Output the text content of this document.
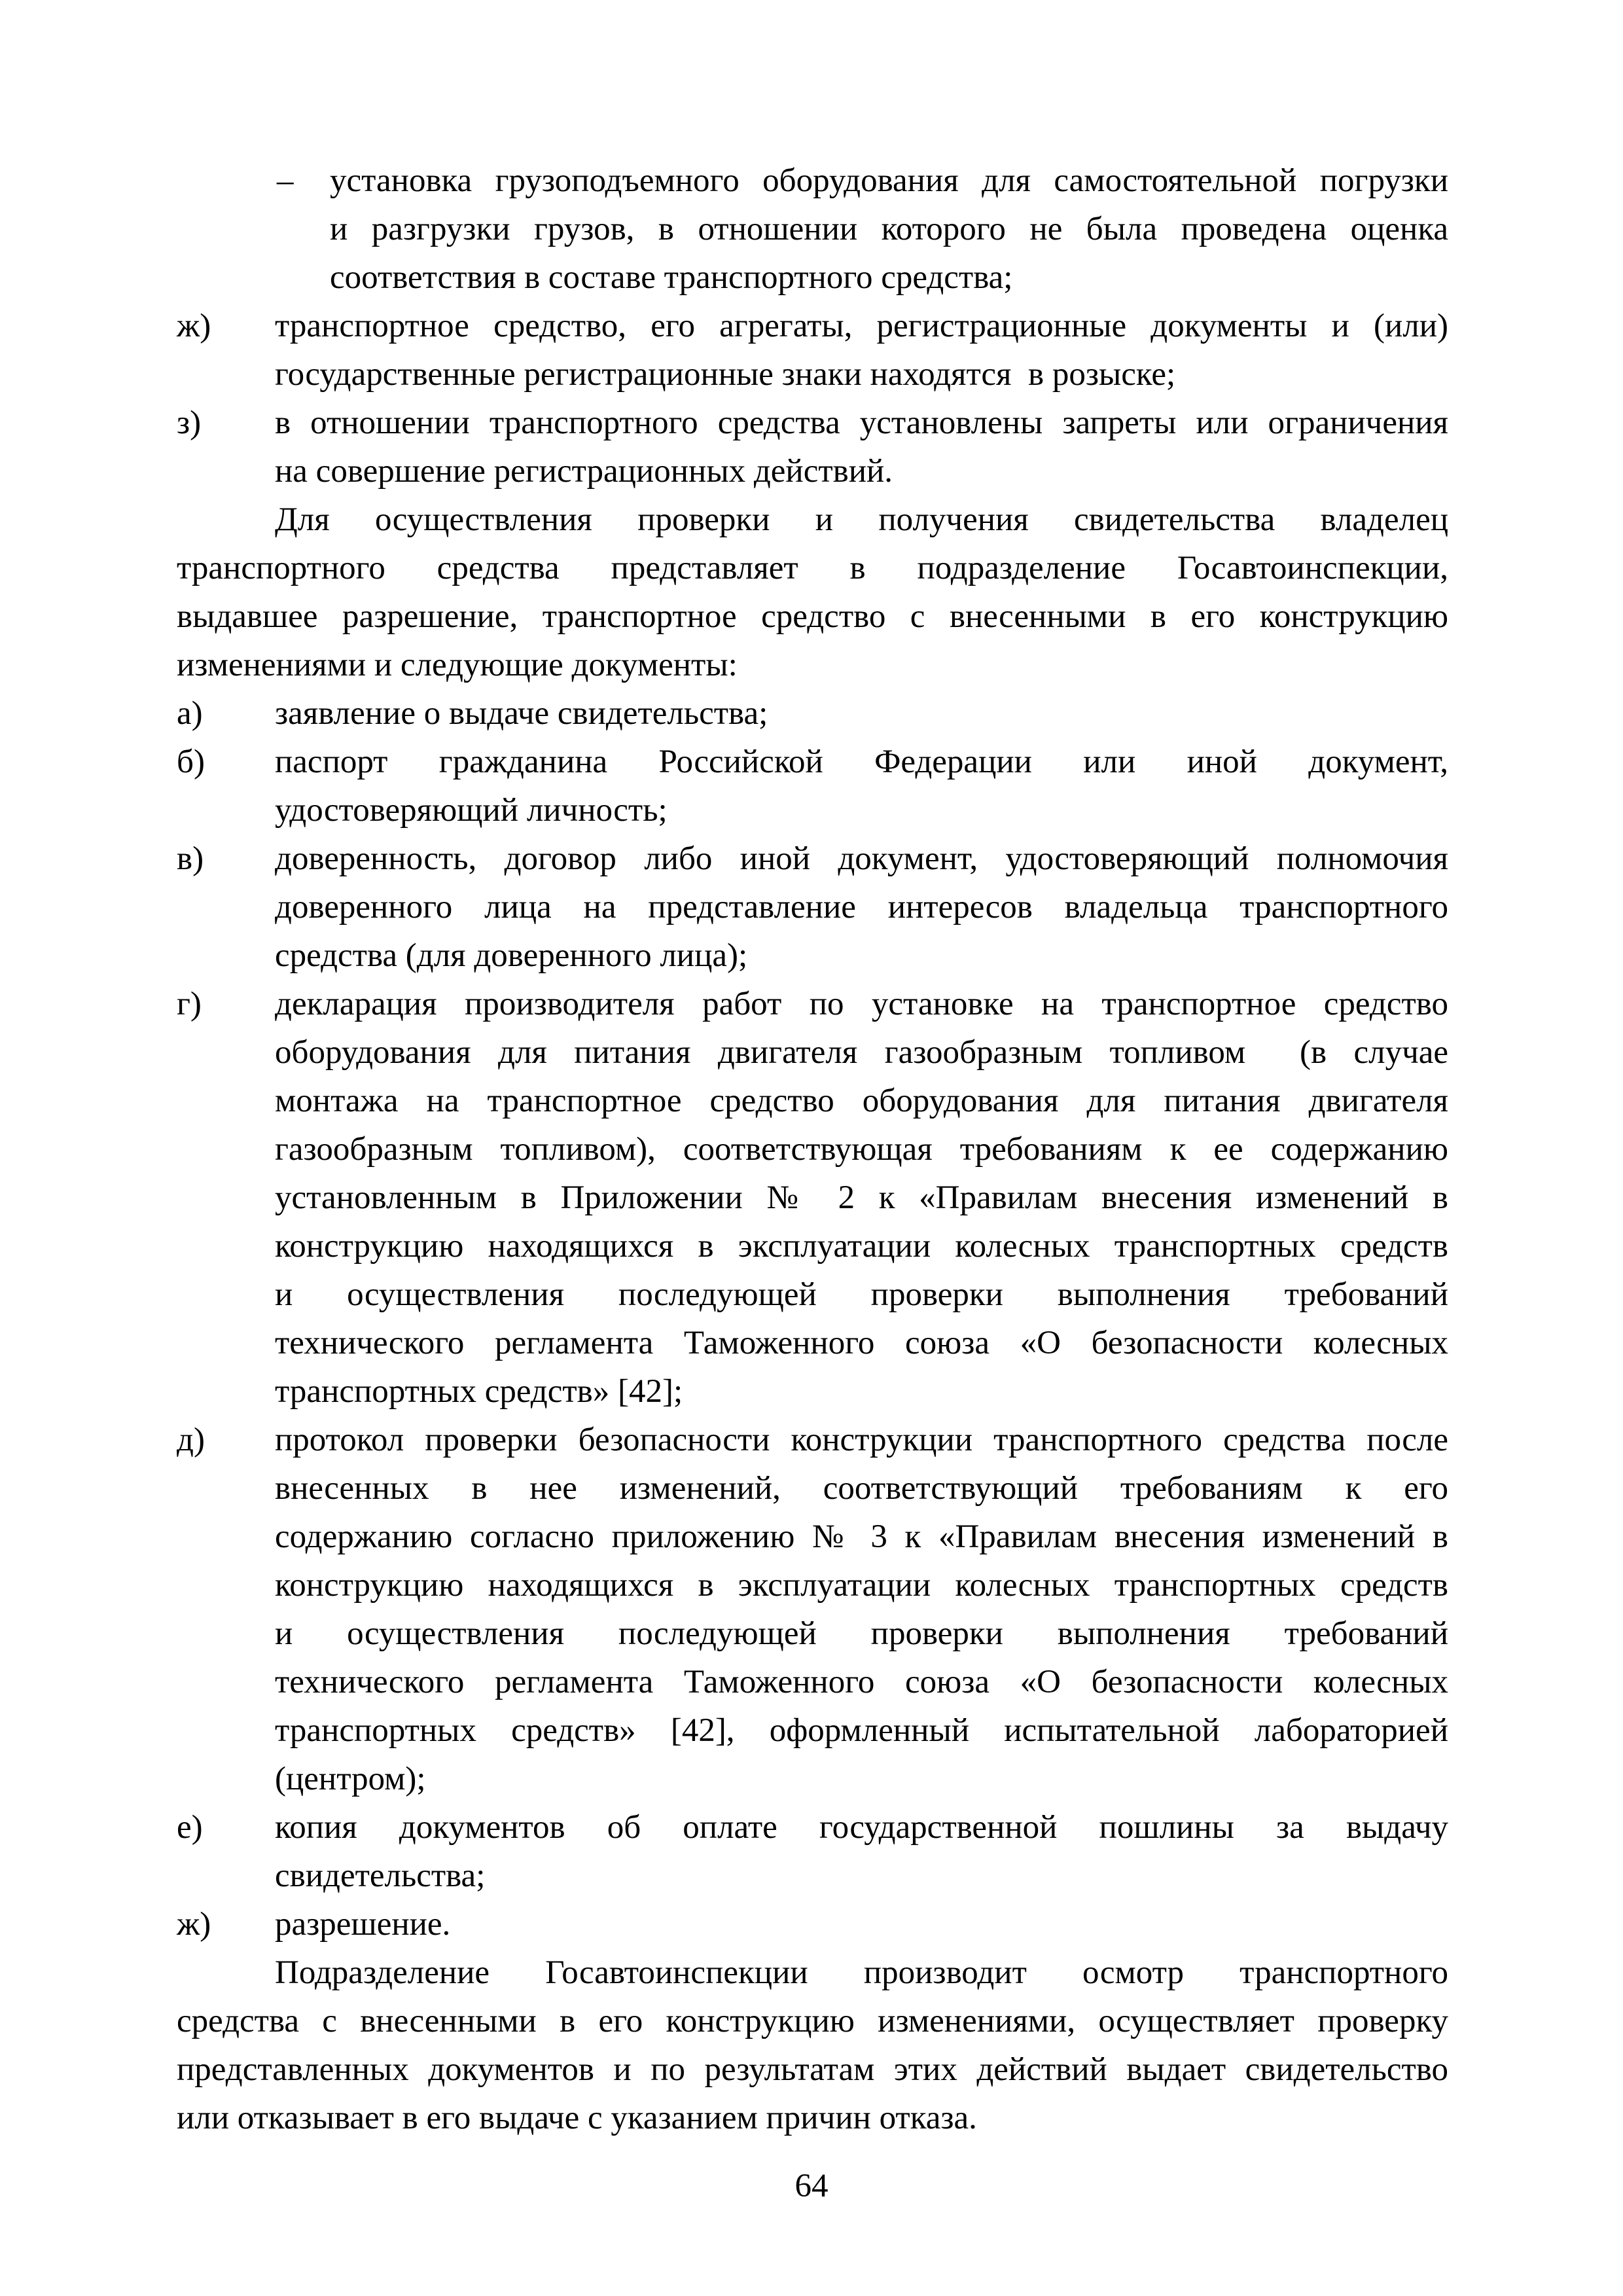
– установка грузоподъемного оборудования для самостоятельной погрузки
и разгрузки грузов, в отношении которого не была проведена оценка
соответствия в составе транспортного средства;
ж) транспортное средство, его агрегаты, регистрационные документы и (или)
государственные регистрационные знаки находятся  в розыске;
з) в отношении транспортного средства установлены запреты или ограничения
на совершение регистрационных действий.
Для осуществления проверки и получения свидетельства владелец
транспортного средства представляет в подразделение Госавтоинспекции,
выдавшее разрешение, транспортное средство с внесенными в его конструкцию
изменениями и следующие документы:
а) заявление о выдаче свидетельства;
б) паспорт гражданина Российской Федерации или иной документ,
удостоверяющий личность;
в) доверенность, договор либо иной документ, удостоверяющий полномочия
доверенного лица на представление интересов владельца транспортного
средства (для доверенного лица);
г) декларация производителя работ по установке на транспортное средство
оборудования для питания двигателя газообразным топливом  (в случае
монтажа на транспортное средство оборудования для питания двигателя
газообразным топливом), соответствующая требованиям к ее содержанию
установленным в Приложении № 2 к «Правилам внесения изменений в
конструкцию находящихся в эксплуатации колесных транспортных средств
и осуществления последующей проверки выполнения требований
технического регламента Таможенного союза «О безопасности колесных
транспортных средств» [42];
д) протокол проверки безопасности конструкции транспортного средства после
внесенных в нее изменений, соответствующий требованиям к его
содержанию согласно приложению № 3 к «Правилам внесения изменений в
конструкцию находящихся в эксплуатации колесных транспортных средств
и осуществления последующей проверки выполнения требований
технического регламента Таможенного союза «О безопасности колесных
транспортных средств» [42], оформленный испытательной лабораторией
(центром);
е) копия документов об оплате государственной пошлины за выдачу
свидетельства;
ж) разрешение.
Подразделение Госавтоинспекции производит осмотр транспортного
средства с внесенными в его конструкцию изменениями, осуществляет проверку
представленных документов и по результатам этих действий выдает свидетельство
или отказывает в его выдаче с указанием причин отказа.
64
